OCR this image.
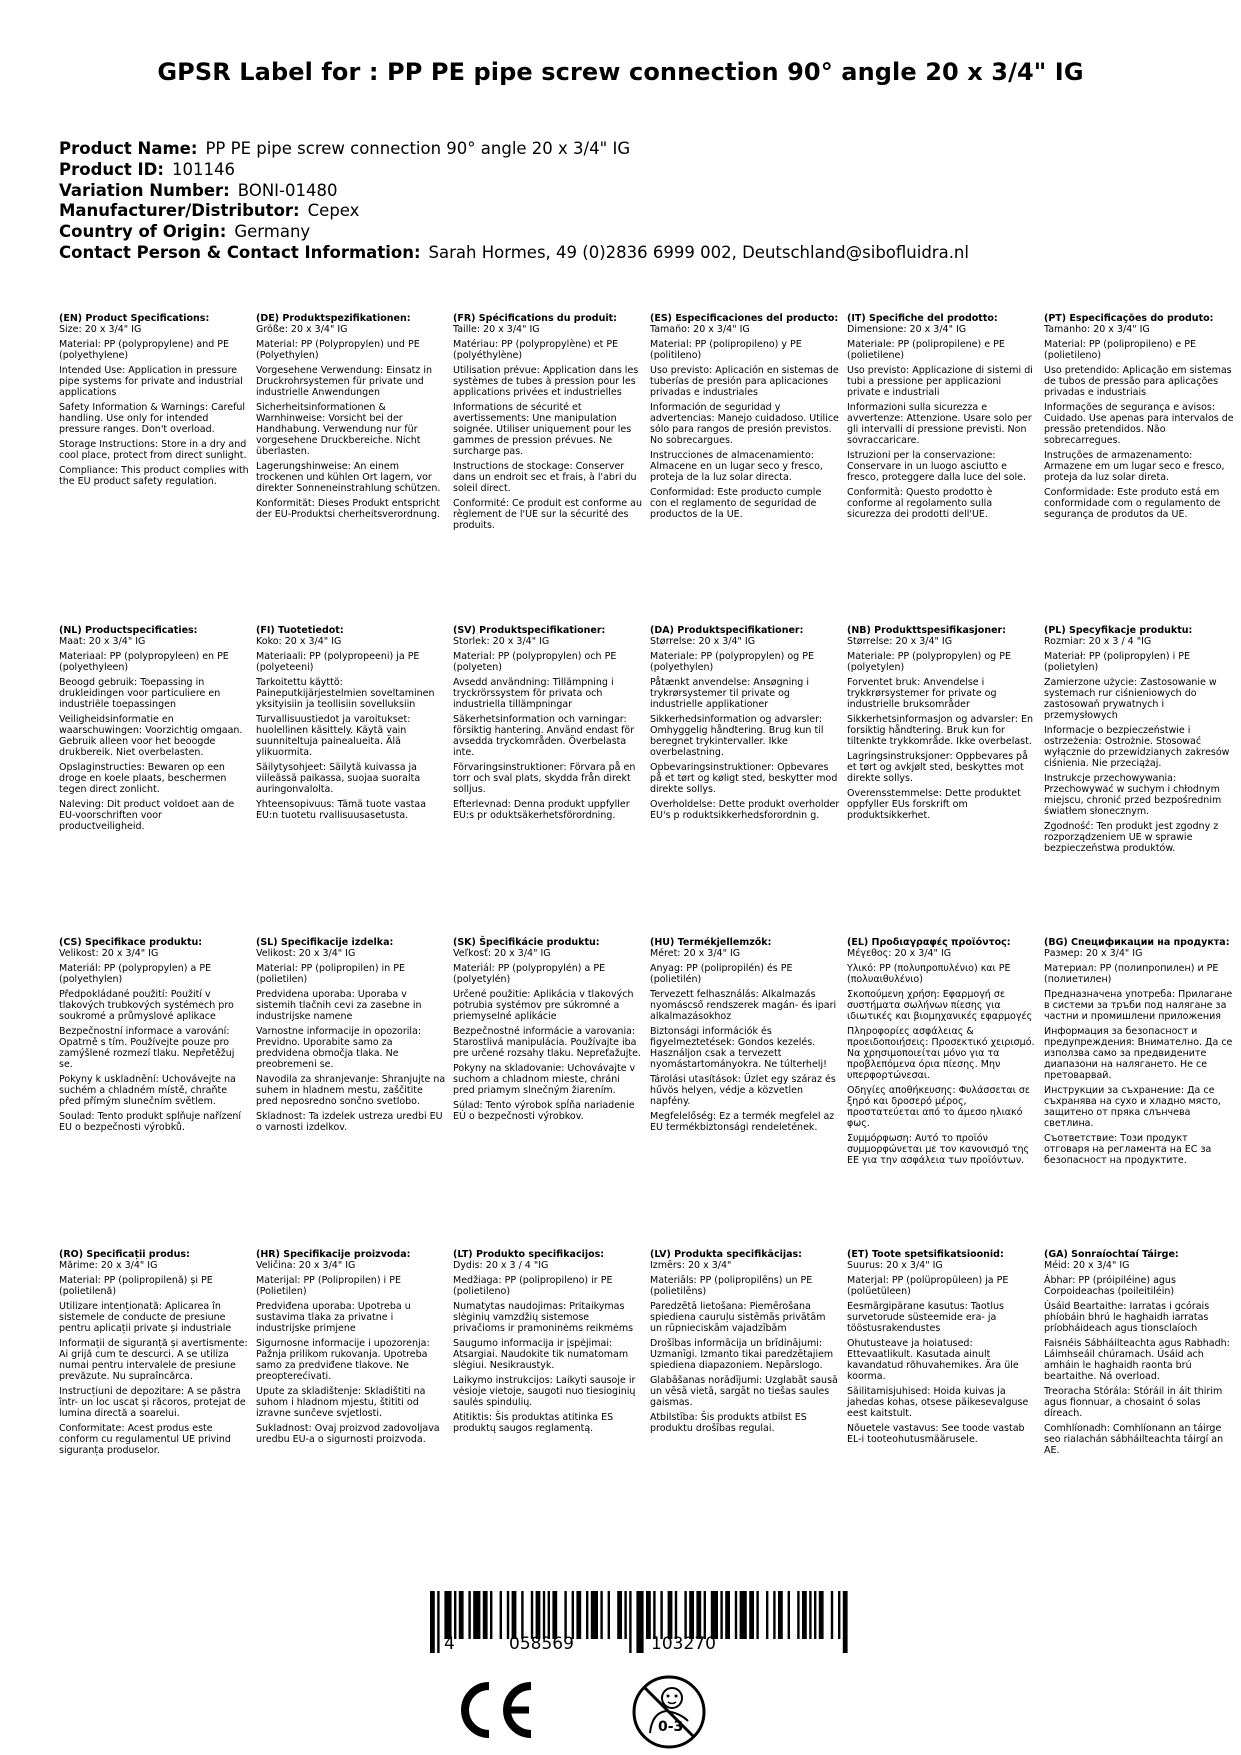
GPSR Label for : PP PE pipe screw connection 90° angle 20 x 3/4" IG
Product Name: PP PE pipe screw connection 90° angle 20 x 3/4" IG
Product ID: 101146
Variation Number: BONI-01480
Manufacturer/Distributor: Cepex
Country of Origin: Germany
Contact Person & Contact Information: Sarah Hormes, 49 (0)2836 6999 002, Deutschland@sibofluidra.nl
(EN) Product Specifications:
Size: 20 x 3/4" IG
Material: PP (polypropylene) and PE (polyethylene)
Intended Use: Application in pressure pipe systems for private and industrial applications
Safety Information & Warnings: Careful handling. Use only for intended pressure ranges. Don't overload.
Storage Instructions: Store in a dry and cool place, protect from direct sunlight.
Compliance: This product complies with the EU product safety regulation.
(DE) Produktspezifikationen:
Größe: 20 x 3/4" IG
Material: PP (Polypropylen) und PE (Polyethylen)
Vorgesehene Verwendung: Einsatz in Druckrohrsystemen für private und industrielle Anwendungen
Sicherheitsinformationen & Warnhinweise: Vorsicht bei der Handhabung. Verwendung nur für vorgesehene Druckbereiche. Nicht überlasten.
Lagerungshinweise: An einem trockenen und kühlen Ort lagern, vor direkter Sonneneinstrahlung schützen.
Konformität: Dieses Produkt entspricht der EU-Produktsi cherheitsverordnung.
(FR) Spécifications du produit:
Taille: 20 x 3/4" IG
Matériau: PP (polypropylène) et PE (polyéthylène)
Utilisation prévue: Application dans les systèmes de tubes à pression pour les applications privées et industrielles
Informations de sécurité et avertissements: Une manipulation soignée. Utiliser uniquement pour les gammes de pression prévues. Ne surcharge pas.
Instructions de stockage: Conserver dans un endroit sec et frais, à l'abri du soleil direct.
Conformité: Ce produit est conforme au règlement de l'UE sur la sécurité des produits.
(ES) Especificaciones del producto:
Tamaño: 20 x 3/4" IG
Material: PP (polipropileno) y PE (politileno)
Uso previsto: Aplicación en sistemas de tuberías de presión para aplicaciones privadas e industriales
Información de seguridad y advertencias: Manejo cuidadoso. Utilice sólo para rangos de presión previstos. No sobrecargues.
Instrucciones de almacenamiento: Almacene en un lugar seco y fresco, proteja de la luz solar directa.
Conformidad: Este producto cumple con el reglamento de seguridad de productos de la UE.
(IT) Specifiche del prodotto:
Dimensione: 20 x 3/4" IG
Materiale: PP (polipropilene) e PE (polietilene)
Uso previsto: Applicazione di sistemi di tubi a pressione per applicazioni private e industriali
Informazioni sulla sicurezza e avvertenze: Attenzione. Usare solo per gli intervalli di pressione previsti. Non sovraccaricare.
Istruzioni per la conservazione: Conservare in un luogo asciutto e fresco, proteggere dalla luce del sole.
Conformità: Questo prodotto è conforme al regolamento sulla sicurezza dei prodotti dell'UE.
(PT) Especificações do produto:
Tamanho: 20 x 3/4" IG
Material: PP (polipropileno) e PE (polietileno)
Uso pretendido: Aplicação em sistemas de tubos de pressão para aplicações privadas e industriais
Informações de segurança e avisos: Cuidado. Use apenas para intervalos de pressão pretendidos. Não sobrecarregues.
Instruções de armazenamento: Armazene em um lugar seco e fresco, proteja da luz solar direta.
Conformidade: Este produto está em conformidade com o regulamento de segurança de produtos da UE.
(NL) Productspecificaties:
Maat: 20 x 3/4" IG
Materiaal: PP (polypropyleen) en PE (polyethyleen)
Beoogd gebruik: Toepassing in drukleidingen voor particuliere en industriële toepassingen
Veiligheidsinformatie en waarschuwingen: Voorzichtig omgaan. Gebruik alleen voor het beoogde drukbereik. Niet overbelasten.
Opslaginstructies: Bewaren op een droge en koele plaats, beschermen tegen direct zonlicht.
Naleving: Dit product voldoet aan de EU-voorschriften voor productveiligheid.
(FI) Tuotetiedot:
Koko: 20 x 3/4" IG
Materiaali: PP (polypropeeni) ja PE (polyeteeni)
Tarkoitettu käyttö: Paineputkijärjestelmien soveltaminen yksityisiin ja teollisiin sovelluksiin
Turvallisuustiedot ja varoitukset: huolellinen käsittely. Käytä vain suunniteltuja painealueita. Älä ylikuormita.
Säilytysohjeet: Säilytä kuivassa ja viileässä paikassa, suojaa suoralta auringonvalolta.
Yhteensopivuus: Tämä tuote vastaa EU:n tuotetu rvallisuusasetusta.
(SV) Produktspecifikationer:
Storlek: 20 x 3/4" IG
Material: PP (polypropylen) och PE (polyeten)
Avsedd användning: Tillämpning i tryckrörssystem för privata och industriella tillämpningar
Säkerhetsinformation och varningar: försiktig hantering. Använd endast för avsedda tryckområden. Överbelasta inte.
Förvaringsinstruktioner: Förvara på en torr och sval plats, skydda från direkt solljus.
Efterlevnad: Denna produkt uppfyller EU:s pr oduktsäkerhetsförordning.
(DA) Produktspecifikationer:
Størrelse: 20 x 3/4" IG
Materiale: PP (polypropylen) og PE (polyethylen)
Påtænkt anvendelse: Ansøgning i trykrørsystemer til private og industrielle applikationer
Sikkerhedsinformation og advarsler: Omhyggelig håndtering. Brug kun til beregnet trykintervaller. Ikke overbelastning.
Opbevaringsinstruktioner: Opbevares på et tørt og køligt sted, beskytter mod direkte sollys.
Overholdelse: Dette produkt overholder EU's p roduktsikkerhedsforordnin g.
(NB) Produkttspesifikasjoner:
Størrelse: 20 x 3/4" IG
Materiale: PP (polypropylen) og PE (polyetylen)
Forventet bruk: Anvendelse i trykkrørsystemer for private og industrielle bruksområder
Sikkerhetsinformasjon og advarsler: En forsiktig håndtering. Bruk kun for tiltenkte trykkområde. Ikke overbelast.
Lagringsinstruksjoner: Oppbevares på et tørt og avkjølt sted, beskyttes mot direkte sollys.
Overensstemmelse: Dette produktet oppfyller EUs forskrift om produktsikkerhet.
(PL) Specyfikacje produktu:
Rozmiar: 20 x 3 / 4 "IG
Materiał: PP (polipropylen) i PE (polietylen)
Zamierzone użycie: Zastosowanie w systemach rur ciśnieniowych do zastosowań prywatnych i przemysłowych
Informacje o bezpieczeństwie i ostrzeżenia: Ostrożnie. Stosować wyłącznie do przewidzianych zakresów ciśnienia. Nie przeciążaj.
Instrukcje przechowywania: Przechowywać w suchym i chłodnym miejscu, chronić przed bezpośrednim światłem słonecznym.
Zgodność: Ten produkt jest zgodny z rozporządzeniem UE w sprawie bezpieczeństwa produktów.
(CS) Specifikace produktu:
Velikost: 20 x 3/4" IG
Materiál: PP (polypropylen) a PE (polyethylen)
Předpokládané použití: Použití v tlakových trubkových systémech pro soukromé a průmyslové aplikace
Bezpečnostní informace a varování: Opatrně s tím. Používejte pouze pro zamýšlené rozmezí tlaku. Nepřetěžuj se.
Pokyny k uskladnění: Uchovávejte na suchém a chladném místě, chraňte před přímým slunečním světlem.
Soulad: Tento produkt splňuje nařízení EU o bezpečnosti výrobků.
(SL) Specifikacije izdelka:
Velikost: 20 x 3/4" IG
Material: PP (polipropilen) in PE (polietilen)
Predvidena uporaba: Uporaba v sistemih tlačnih cevi za zasebne in industrijske namene
Varnostne informacije in opozorila: Previdno. Uporabite samo za predvidena območja tlaka. Ne preobremeni se.
Navodila za shranjevanje: Shranjujte na suhem in hladnem mestu, zaščitite pred neposredno sončno svetlobo.
Skladnost: Ta izdelek ustreza uredbi EU o varnosti izdelkov.
(SK) Špecifikácie produktu:
Veľkosť: 20 x 3/4" IG
Materiál: PP (polypropylén) a PE (polyetylén)
Určené použitie: Aplikácia v tlakových potrubia systémov pre súkromné a priemyselné aplikácie
Bezpečnostné informácie a varovania: Starostlivá manipulácia. Používajte iba pre určené rozsahy tlaku. Nepreťažujte.
Pokyny na skladovanie: Uchovávajte v suchom a chladnom mieste, chráni pred priamym slnečným žiarením.
Súlad: Tento výrobok spĺňa nariadenie EÚ o bezpečnosti výrobkov.
(HU) Termékjellemzők:
Méret: 20 x 3/4" IG
Anyag: PP (polipropilén) és PE (polietilén)
Tervezett felhasználás: Alkalmazás nyomáscső rendszerek magán- és ipari alkalmazásokhoz
Biztonsági információk és figyelmeztetések: Gondos kezelés. Használjon csak a tervezett nyomástartományokra. Ne túlterhelj!
Tárolási utasítások: Üzlet egy száraz és hűvös helyen, védje a közvetlen napfény.
Megfelelőség: Ez a termék megfelel az EU termékbiztonsági rendeletének.
(EL) Προδιαγραφές προϊόντος:
Μέγεθος: 20 x 3/4" IG
Υλικό: PP (πολυπροπυλένιο) και PE (πολυαιθυλένιο)
Σκοπούμενη χρήση: Εφαρμογή σε συστήματα σωλήνων πίεσης για ιδιωτικές και βιομηχανικές εφαρμογές
Πληροφορίες ασφάλειας & προειδοποιήσεις: Προσεκτικό χειρισμό. Να χρησιμοποιείται μόνο για τα προβλεπόμενα όρια πίεσης. Μην υπερφορτώνεσαι.
Οδηγίες αποθήκευσης: Φυλάσσεται σε ξηρό και δροσερό μέρος, προστατεύεται από το άμεσο ηλιακό φως.
Συμμόρφωση: Αυτό το προϊόν συμμορφώνεται με τον κανονισμό της ΕΕ για την ασφάλεια των προϊόντων.
(BG) Спецификации на продукта:
Размер: 20 x 3/4" IG
Материал: PP (полипропилен) и PE (полиетилен)
Предназначена употреба: Прилагане в системи за тръби под налягане за частни и промишлени приложения
Информация за безопасност и предупреждения: Внимателно. Да се използва само за предвидените диапазони на налягането. Не се претоварвай.
Инструкции за съхранение: Да се съхранява на сухо и хладно място, защитено от пряка слънчева светлина.
Съответствие: Този продукт отговаря на регламента на ЕС за безопасност на продуктите.
(RO) Specificații produs:
Mărime: 20 x 3/4" IG
Material: PP (polipropilenă) și PE (polietilenă)
Utilizare intenționată: Aplicarea în sistemele de conducte de presiune pentru aplicații private și industriale
Informații de siguranță și avertismente: Ai grijă cum te descurci. A se utiliza numai pentru intervalele de presiune prevăzute. Nu supraîncărca.
Instrucțiuni de depozitare: A se păstra într- un loc uscat și răcoros, protejat de lumina directă a soarelui.
Conformitate: Acest produs este conform cu regulamentul UE privind siguranța produselor.
(HR) Specifikacije proizvoda:
Veličina: 20 x 3/4" IG
Materijal: PP (Polipropilen) i PE (Polietilen)
Predviđena uporaba: Upotreba u sustavima tlaka za privatne i industrijske primjene
Sigurnosne informacije i upozorenja: Pažnja prilikom rukovanja. Upotreba samo za predviđene tlakove. Ne preopterećivati.
Upute za skladištenje: Skladištiti na suhom i hladnom mjestu, štititi od izravne sunčeve svjetlosti.
Sukladnost: Ovaj proizvod zadovoljava uredbu EU-a o sigurnosti proizvoda.
(LT) Produkto specifikacijos:
Dydis: 20 x 3 / 4 "IG
Medžiaga: PP (polipropileno) ir PE (polietileno)
Numatytas naudojimas: Pritaikymas slėginių vamzdžių sistemose privačioms ir pramoninėms reikmėms
Saugumo informacija ir įspėjimai: Atsargiai. Naudokite tik numatomam slėgiui. Nesikraustyk.
Laikymo instrukcijos: Laikyti sausoje ir vėsioje vietoje, saugoti nuo tiesioginių saulės spindulių.
Atitiktis: Šis produktas atitinka ES produktų saugos reglamentą.
(LV) Produkta specifikācijas:
Izmērs: 20 x 3/4"
Materiāls: PP (polipropilēns) un PE (polietilēns)
Paredzētā lietošana: Piemērošana spiediena cauruļu sistēmās privātām un rūpnieciskām vajadzībām
Drošības informācija un brīdinājumi: Uzmanīgi. Izmanto tikai paredzētajiem spiediena diapazoniem. Nepārslogo.
Glabāšanas norādījumi: Uzglabāt sausā un vēsā vietā, sargāt no tiešas saules gaismas.
Atbilstība: Šis produkts atbilst ES produktu drošības regulai.
(ET) Toote spetsifikatsioonid:
Suurus: 20 x 3/4" IG
Materjal: PP (polüpropüleen) ja PE (polüetüleen)
Eesmärgipärane kasutus: Taotlus survetorude süsteemide era- ja tööstusrakendustes
Ohutusteave ja hoiatused: Ettevaatlikult. Kasutada ainult kavandatud rõhuvahemikes. Ära üle koorma.
Säilitamisjuhised: Hoida kuivas ja jahedas kohas, otsese päikesevalguse eest kaitstult.
Nõuetele vastavus: See toode vastab EL-i tooteohutusmäärusele.
(GA) Sonraíochtaí Táirge:
Méid: 20 x 3/4" IG
Ábhar: PP (próipiléine) agus Corpoideachas (poileitiléin)
Úsáid Beartaithe: Iarratas i gcórais phíobáin bhrú le haghaidh iarratas príobháideach agus tionsclaíoch
Faisnéis Sábháilteachta agus Rabhadh: Láimhseáil chúramach. Úsáid ach amháin le haghaidh raonta brú beartaithe. Ná overload.
Treoracha Stórála: Stóráil in áit thirim agus fionnuar, a chosaint ó solas díreach.
Comhlíonadh: Comhlíonann an táirge seo rialachán sábháilteachta táirgí an AE.
4	058569	103270
0-3
